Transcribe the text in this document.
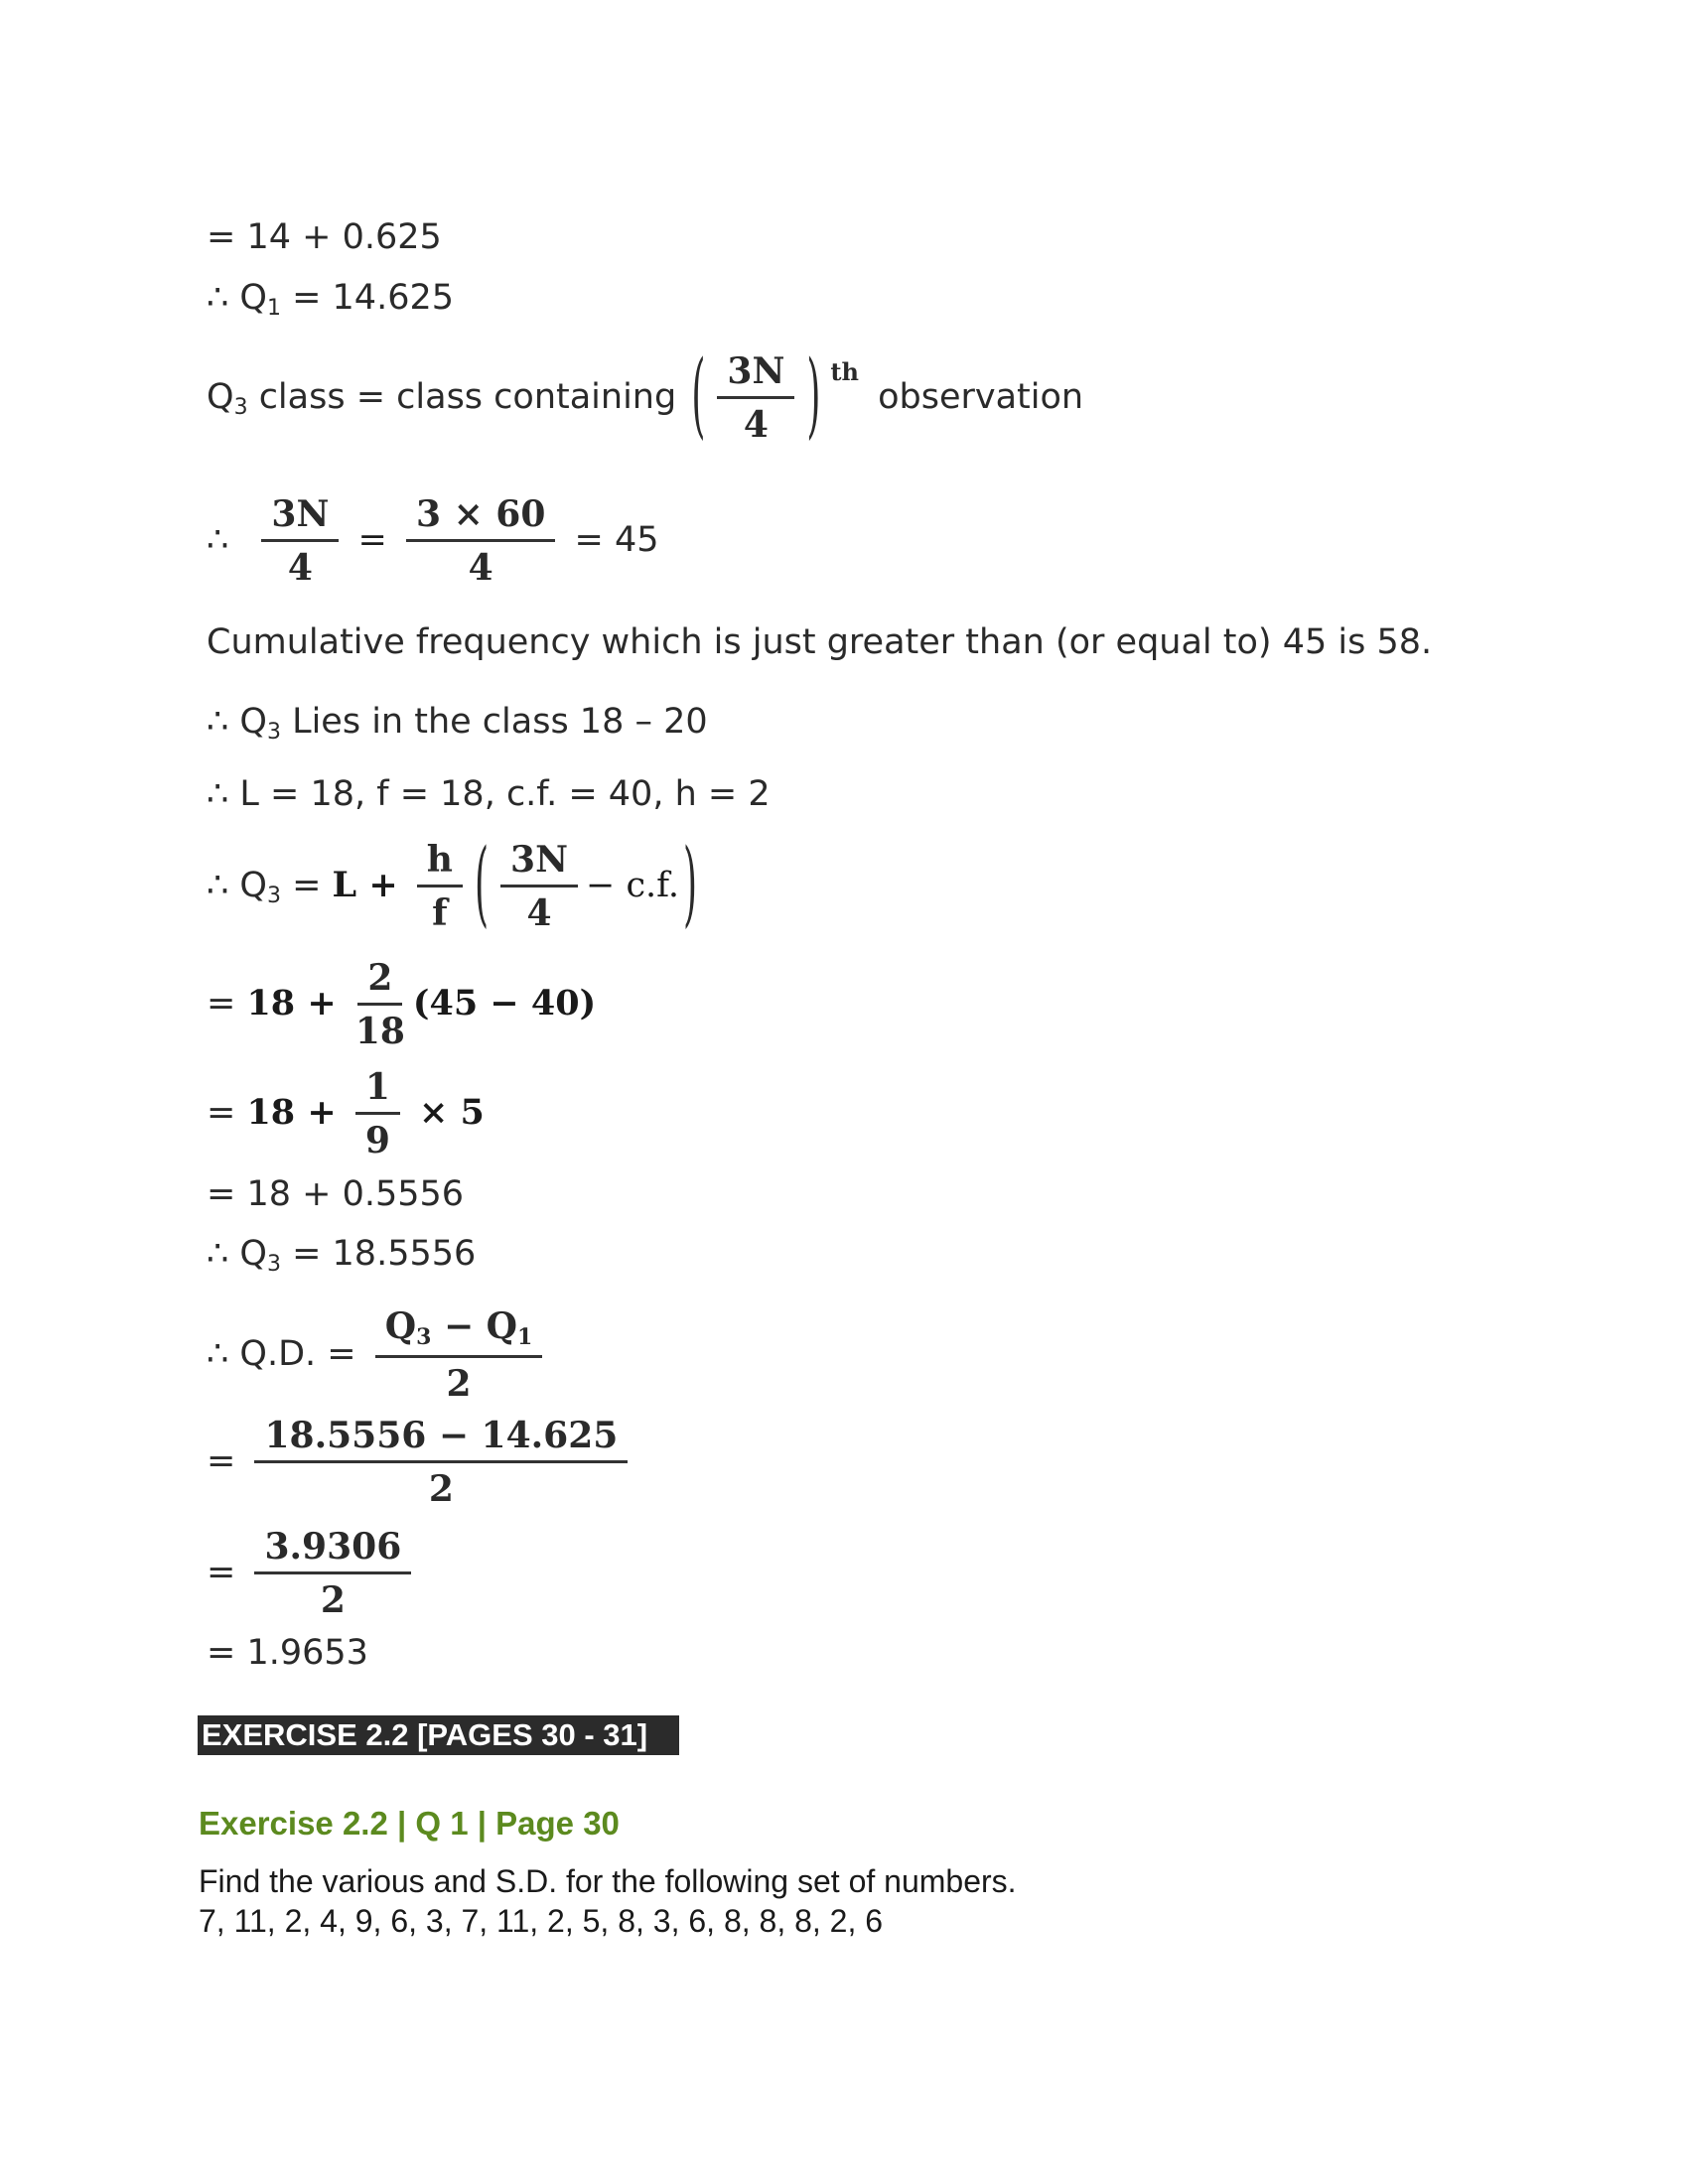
= 14 + 0.625
∴ $Q_1 = 14.625$
$Q_3$ class = class containing ( $\frac{3N}{4}$ ) $^{th}$ observation
∴ $\frac{3N}{4} = \frac{3 \times 60}{4} = 45$
Cumulative frequency which is just greater than (or equal to) 45 is 58.
∴ $Q_3$ Lies in the class 18 – 20
∴ L = 18, f = 18, c.f. = 40, h = 2
∴ $Q_3 = L + \frac{h}{f}$ ( $\frac{3N}{4} - c.f$. )
= $18 + \frac{2}{18} (45 - 40)$
= $18 + \frac{1}{9} \times 5$
= 18 + 0.5556
∴ $Q_3 = 18.5556$
∴ Q.D. = $\frac{Q_3 - Q_1}{2}$
= $\frac{18.5556 - 14.625}{2}$
= $\frac{3.9306}{2}$
= 1.9653
EXERCISE 2.2 [PAGES 30 - 31]
Exercise 2.2 | Q 1 | Page 30
Find the various and S.D. for the following set of numbers.
7, 11, 2, 4, 9, 6, 3, 7, 11, 2, 5, 8, 3, 6, 8, 8, 8, 2, 6
